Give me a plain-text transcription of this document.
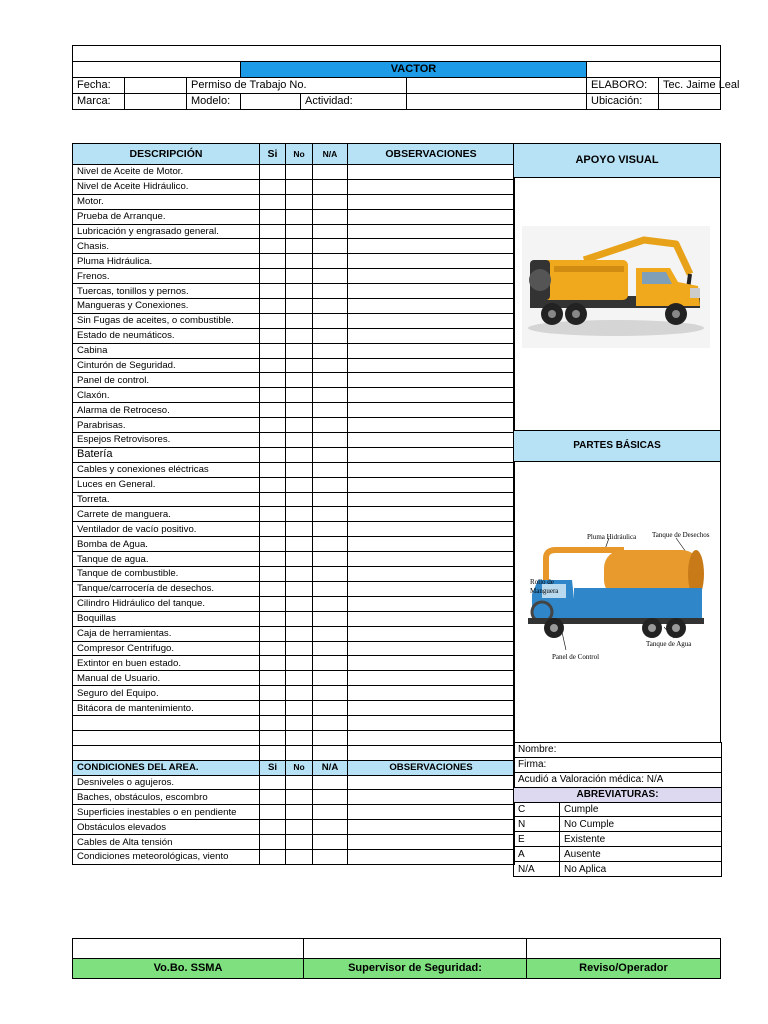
			VACTOR				
Fecha:		Permiso de Trabajo No.				ELABORO:	Tec. Jaime Leal
Marca:		Modelo:		Actividad:		Ubicación:	
DESCRIPCIÓN	Si	No	N/A	OBSERVACIONES
Nivel de Aceite de Motor.				
Nivel de Aceite Hidráulico.				
Motor.				
Prueba de Arranque.				
Lubricación y engrasado general.				
Chasis.				
Pluma Hidráulica.				
Frenos.				
Tuercas, tonillos y pernos.				
Mangueras y Conexiones.				
Sin Fugas de aceites, o combustible.				
Estado de neumáticos.				
Cabina				
Cinturón de Seguridad.				
Panel de control.				
Claxón.				
Alarma de Retroceso.				
Parabrisas.				
Espejos Retrovisores.				
Batería				
Cables y conexiones eléctricas				
Luces en General.				
Torreta.				
Carrete de manguera.				
Ventilador de vacío positivo.				
Bomba de Agua.				
Tanque de agua.				
Tanque de combustible.				
Tanque/carrocería de desechos.				
Cilindro Hidráulico del tanque.				
Boquillas				
Caja de herramientas.				
Compresor Centrifugo.				
Extintor en buen estado.				
Manual de Usuario.				
Seguro del Equipo.				
Bitácora de mantenimiento.				

CONDICIONES DEL AREA.	Si	No	N/A	OBSERVACIONES
Desniveles o agujeros.				
Baches, obstáculos, escombro				
Superficies inestables o en pendiente				
Obstáculos elevados				
Cables de Alta tensión				
Condiciones meteorológicas, viento				
APOYO VISUAL
PARTES BÁSICAS
Pluma Hidráulica Tanque de Desechos
Rollo de
Manguera
Tanque de Agua
Panel de Control
Nombre:	
Firma:	
Acudió a Valoración médica: N/A	
ABREVIATURAS:	
C	Cumple
N	No Cumple
E	Existente
A	Ausente
N/A	No Aplica

Vo.Bo. SSMA	Supervisor de Seguridad:	Reviso/Operador
